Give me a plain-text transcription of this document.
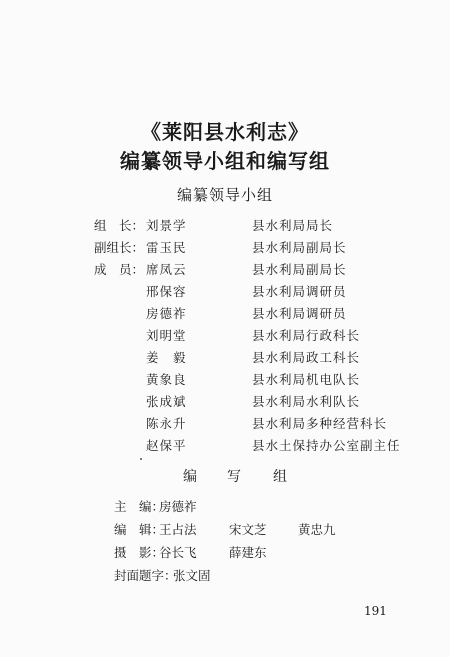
《莱阳县水利志》
编纂领导小组和编写组
编纂领导小组
组　长： 刘景学	县水利局局长
副组长： 雷玉民	县水利局副局长
成　员： 席凤云	县水利局副局长
邢保容	县水利局调研员
房德祚	县水利局调研员
刘明堂	县水利局行政科长
姜　毅	县水利局政工科长
黄象良	县水利局机电队长
张成斌	县水利局水利队长
陈永升	县水利局多种经营科长
赵保平	县水土保持办公室副主任
编 写 组
主　编：
房德祚
编　辑：
王占法	宋文芝	黄忠九
摄　影：
谷长飞	薛建东
封面题字：
张文固
191
